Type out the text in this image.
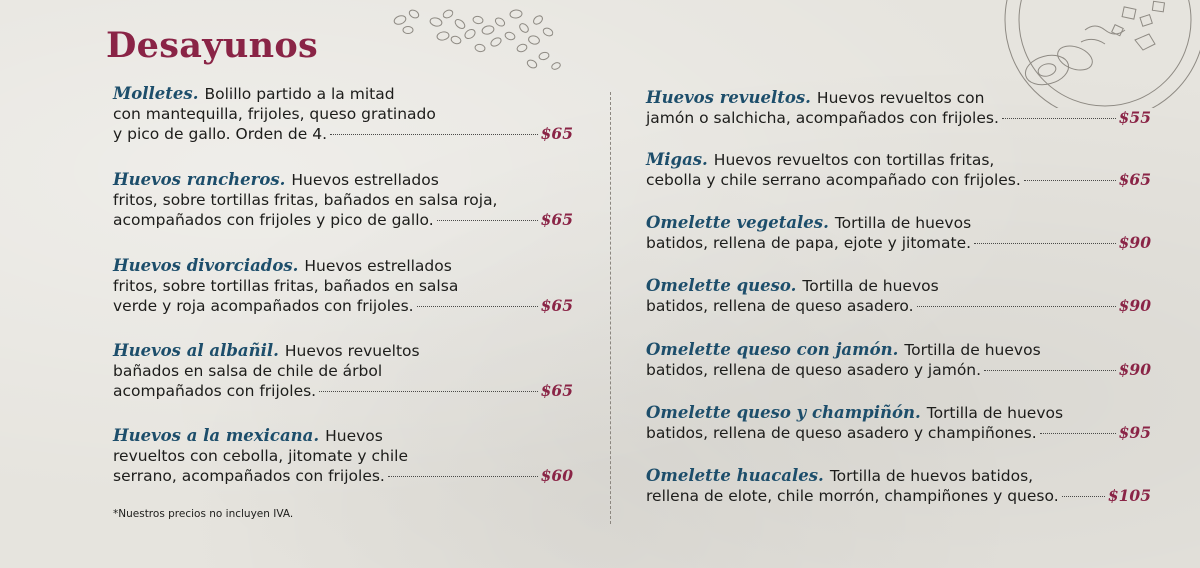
Desayunos
Molletes. Bolillo partido a la mitad
con mantequilla, frijoles, queso gratinado
y pico de gallo. Orden de 4.	$65
Huevos rancheros. Huevos estrellados
fritos, sobre tortillas fritas, bañados en salsa roja,
acompañados con frijoles y pico de gallo.	$65
Huevos divorciados. Huevos estrellados
fritos, sobre tortillas fritas, bañados en salsa
verde y roja acompañados con frijoles.	$65
Huevos al albañil. Huevos revueltos
bañados en salsa de chile de árbol
acompañados con frijoles.	$65
Huevos a la mexicana. Huevos
revueltos con cebolla, jitomate y chile
serrano, acompañados con frijoles.	$60
Huevos revueltos. Huevos revueltos con
jamón o salchicha, acompañados con frijoles.	$55
Migas. Huevos revueltos con tortillas fritas,
cebolla y chile serrano acompañado con frijoles.	$65
Omelette vegetales. Tortilla de huevos
batidos, rellena de papa, ejote y jitomate.	$90
Omelette queso. Tortilla de huevos
batidos, rellena de queso asadero.	$90
Omelette queso con jamón. Tortilla de huevos
batidos, rellena de queso asadero y jamón.	$90
Omelette queso y champiñón. Tortilla de huevos
batidos, rellena de queso asadero y champiñones.	$95
Omelette huacales. Tortilla de huevos batidos,
rellena de elote, chile morrón, champiñones y queso.	$105
*Nuestros precios no incluyen IVA.
